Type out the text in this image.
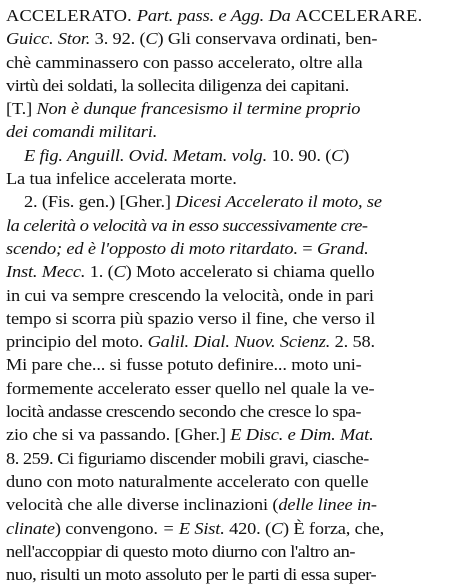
ACCELERATO. Part. pass. e Agg. Da ACCELERARE.
Guicc. Stor. 3. 92. (C) Gli conservava ordinati, ben-
chè camminassero con passo accelerato, oltre alla
virtù dei soldati, la sollecita diligenza dei capitani.
[T.] Non è dunque francesismo il termine proprio
dei comandi militari.
E fig. Anguill. Ovid. Metam. volg. 10. 90. (C)
La tua infelice accelerata morte.
2. (Fis. gen.) [Gher.] Dicesi Accelerato il moto, se
la celerità o velocità va in esso successivamente cre-
scendo; ed è l'opposto di moto ritardato. = Grand.
Inst. Mecc. 1. (C) Moto accelerato si chiama quello
in cui va sempre crescendo la velocità, onde in pari
tempo si scorra più spazio verso il fine, che verso il
principio del moto. Galil. Dial. Nuov. Scienz. 2. 58.
Mi pare che... si fusse potuto definire... moto uni-
formemente accelerato esser quello nel quale la ve-
locità andasse crescendo secondo che cresce lo spa-
zio che si va passando. [Gher.] E Disc. e Dim. Mat.
8. 259. Ci figuriamo discender mobili gravi, ciasche-
duno con moto naturalmente accelerato con quelle
velocità che alle diverse inclinazioni (delle linee in-
clinate) convengono. = E Sist. 420. (C) È forza, che,
nell'accoppiar di questo moto diurno con l'altro an-
nuo, risulti un moto assoluto per le parti di essa super-
